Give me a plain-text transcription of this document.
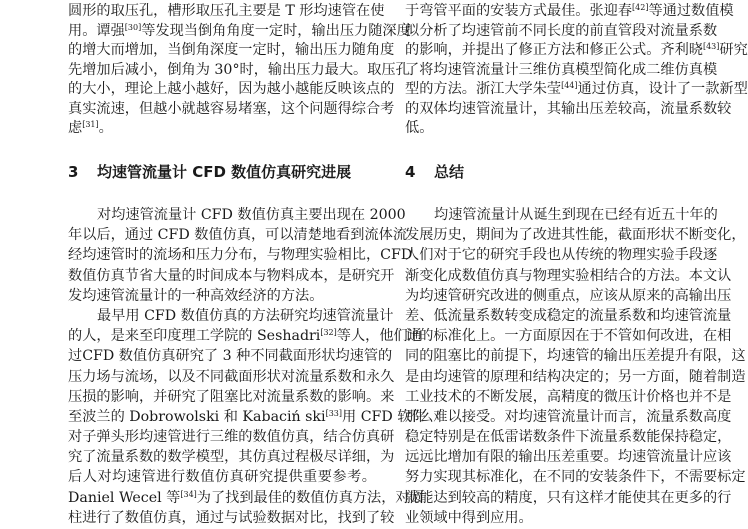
圆形的取压孔，槽形取压孔主要是 T 形均速管在使
用。谭强[30]等发现当倒角角度一定时，输出压力随深度
的增大而增加，当倒角深度一定时，输出压力随角度
先增加后减小，倒角为 30°时，输出压力最大。取压孔
的大小，理论上越小越好，因为越小越能反映该点的
真实流速，但越小就越容易堵塞，这个问题得综合考
虑[31]。
3 均速管流量计 CFD 数值仿真研究进展
对均速管流量计 CFD 数值仿真主要出现在 2000
年以后，通过 CFD 数值仿真，可以清楚地看到流体流
经均速管时的流场和压力分布，与物理实验相比，CFD
数值仿真节省大量的时间成本与物料成本，是研究开
发均速管流量计的一种高效经济的方法。
最早用 CFD 数值仿真的方法研究均速管流量计
的人，是来至印度理工学院的 Seshadri[32]等人，他们通
过CFD 数值仿真研究了 3 种不同截面形状均速管的
压力场与流场，以及不同截面形状对流量系数和永久
压损的影响，并研究了阻塞比对流量系数的影响。来
至波兰的 Dobrowolski 和 Kabaciń ski[33]用 CFD 软件
对子弹头形均速管进行三维的数值仿真，结合仿真研
究了流量系数的数学模型，其仿真过程极尽详细，为
后人对均速管进行数值仿真研究提供重要参考。
Daniel Wecel 等[34]为了找到最佳的数值仿真方法，对圆
柱进行了数值仿真，通过与试验数据对比，找到了较
于弯管平面的安装方式最佳。张迎春[42]等通过数值模
拟分析了均速管前不同长度的前直管段对流量系数
的影响，并提出了修正方法和修正公式。齐利晓[43]研究
了将均速管流量计三维仿真模型简化成二维仿真模
型的方法。浙江大学朱莹[44]通过仿真，设计了一款新型
的双体均速管流量计，其输出压差较高，流量系数较
低。
4 总结
均速管流量计从诞生到现在已经有近五十年的
发展历史，期间为了改进其性能，截面形状不断变化，
人们对于它的研究手段也从传统的物理实验手段逐
渐变化成数值仿真与物理实验相结合的方法。本文认
为均速管研究改进的侧重点，应该从原来的高输出压
差、低流量系数转变成稳定的流量系数和均速管流量
计的标准化上。一方面原因在于不管如何改进，在相
同的阻塞比的前提下，均速管的输出压差提升有限，这
是由均速管的原理和结构决定的；另一方面，随着制造
工业技术的不断发展，高精度的微压计价格也并不是
那么难以接受。对均速管流量计而言，流量系数高度
稳定特别是在低雷诺数条件下流量系数能保持稳定，
远远比增加有限的输出压差重要。均速管流量计应该
努力实现其标准化，在不同的安装条件下，不需要标定
就能达到较高的精度，只有这样才能使其在更多的行
业领域中得到应用。
